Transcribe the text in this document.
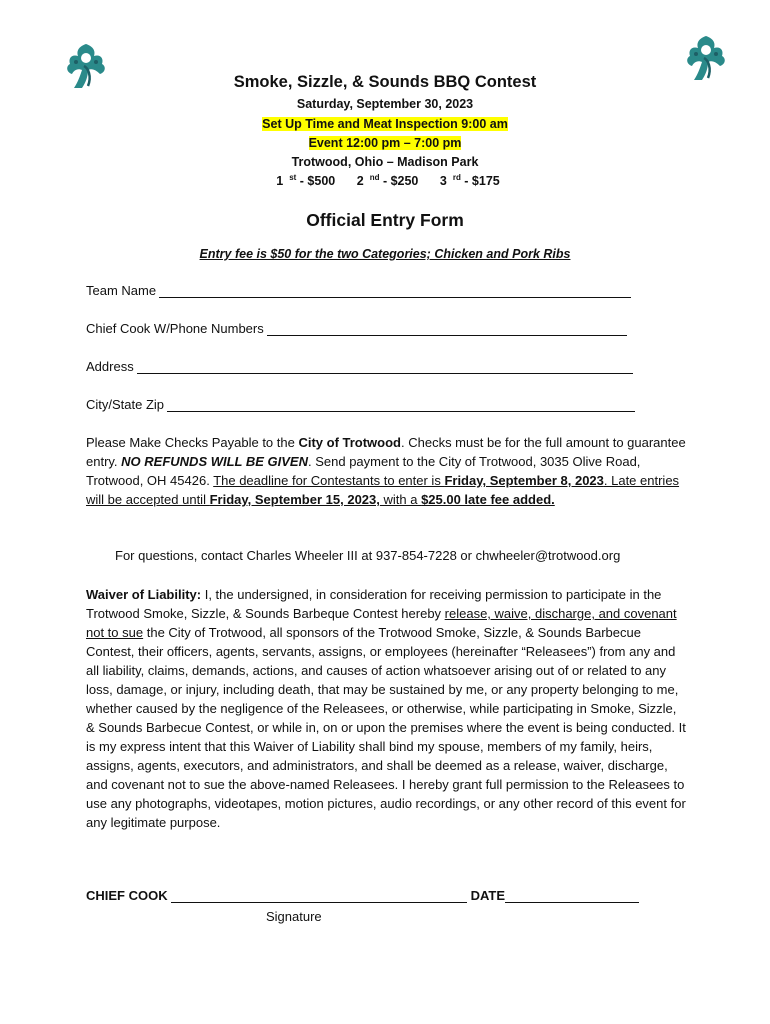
Smoke, Sizzle, & Sounds BBQ Contest
Saturday, September 30, 2023
Set Up Time and Meat Inspection 9:00 am
Event 12:00 pm – 7:00 pm
Trotwood, Ohio – Madison Park
1 $^{st}$ - $500 2 $^{nd}$ - $250 3 $^{rd}$ - $175
Official Entry Form
Entry fee is $50 for the two Categories; Chicken and Pork Ribs
Team Name
Chief Cook W/Phone Numbers
Address
City/State Zip
Please Make Checks Payable to the City of Trotwood. Checks must be for the full amount to guarantee entry. NO REFUNDS WILL BE GIVEN. Send payment to the City of Trotwood, 3035 Olive Road, Trotwood, OH 45426. The deadline for Contestants to enter is Friday, September 8, 2023. Late entries will be accepted until Friday, September 15, 2023, with a $25.00 late fee added.
For questions, contact Charles Wheeler III at 937-854-7228 or chwheeler@trotwood.org
Waiver of Liability: I, the undersigned, in consideration for receiving permission to participate in the Trotwood Smoke, Sizzle, & Sounds Barbeque Contest hereby release, waive, discharge, and covenant not to sue the City of Trotwood, all sponsors of the Trotwood Smoke, Sizzle, & Sounds Barbecue Contest, their officers, agents, servants, assigns, or employees (hereinafter “Releasees”) from any and all liability, claims, demands, actions, and causes of action whatsoever arising out of or related to any loss, damage, or injury, including death, that may be sustained by me, or any property belonging to me, whether caused by the negligence of the Releasees, or otherwise, while participating in Smoke, Sizzle, & Sounds Barbecue Contest, or while in, on or upon the premises where the event is being conducted. It is my express intent that this Waiver of Liability shall bind my spouse, members of my family, heirs, assigns, agents, executors, and administrators, and shall be deemed as a release, waiver, discharge, and covenant not to sue the above-named Releasees. I hereby grant full permission to the Releasees to use any photographs, videotapes, motion pictures, audio recordings, or any other record of this event for any legitimate purpose.
CHIEF COOK	DATE
Signature
